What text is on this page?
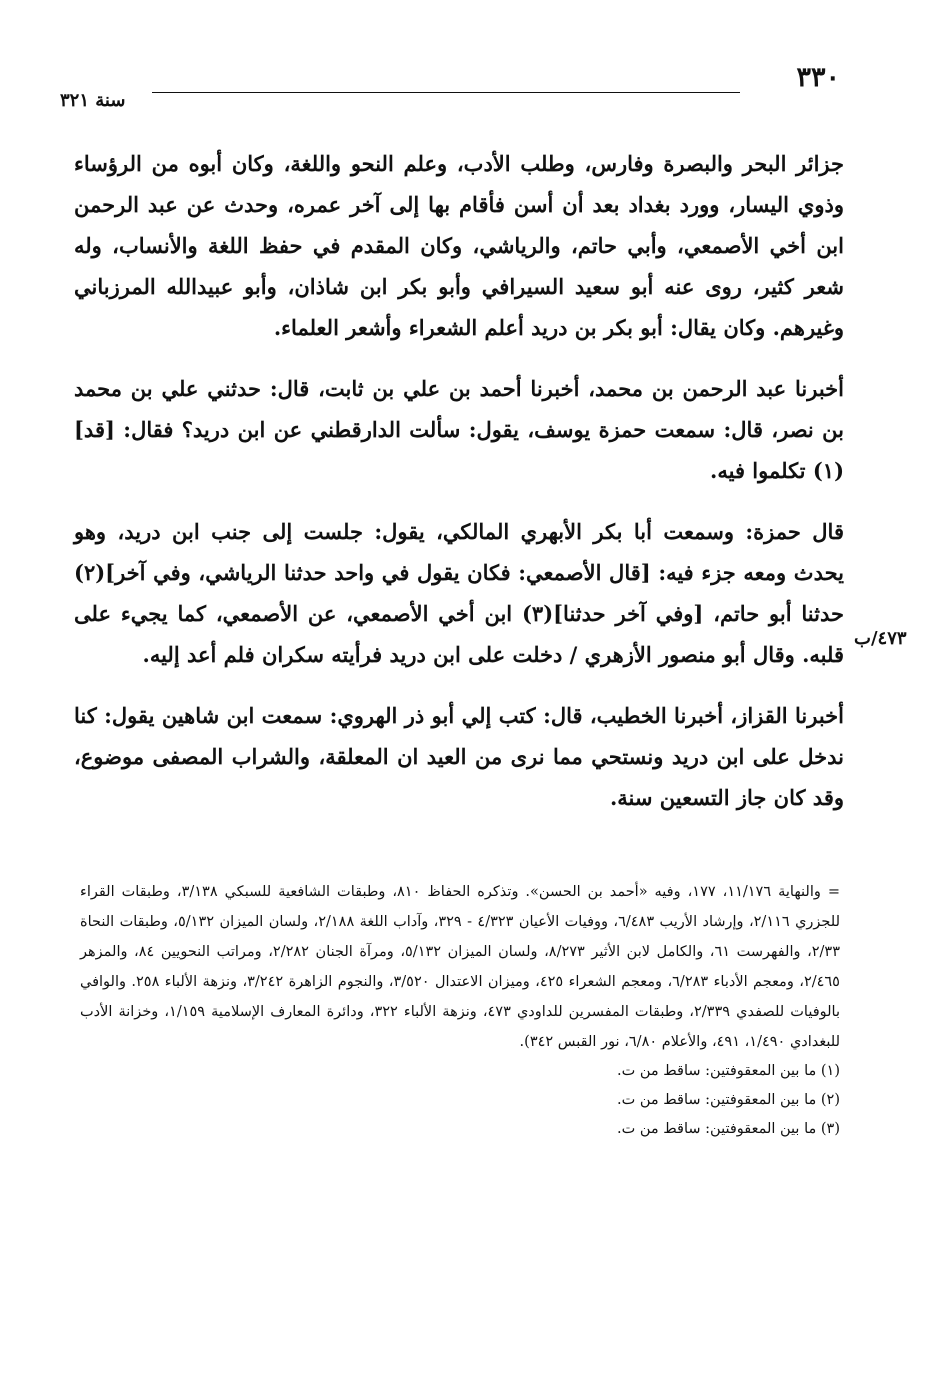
٣٣٠
سنة ٣٢١

جزائر البحر والبصرة وفارس، وطلب الأدب، وعلم النحو واللغة، وكان أبوه من الرؤساء وذوي اليسار، وورد بغداد بعد أن أسن فأقام بها إلى آخر عمره، وحدث عن عبد الرحمن ابن أخي الأصمعي، وأبي حاتم، والرياشي، وكان المقدم في حفظ اللغة والأنساب، وله شعر كثير، روى عنه أبو سعيد السيرافي وأبو بكر ابن شاذان، وأبو عبيدالله المرزباني وغيرهم. وكان يقال: أبو بكر بن دريد أعلم الشعراء وأشعر العلماء.

أخبرنا عبد الرحمن بن محمد، أخبرنا أحمد بن علي بن ثابت، قال: حدثني علي بن محمد بن نصر، قال: سمعت حمزة يوسف، يقول: سألت الدارقطني عن ابن دريد؟ فقال: [قد](١) تكلموا فيه.

قال حمزة: وسمعت أبا بكر الأبهري المالكي، يقول: جلست إلى جنب ابن دريد، وهو يحدث ومعه جزء فيه: [قال الأصمعي: فكان يقول في واحد حدثنا الرياشي، وفي آخر](٢) حدثنا أبو حاتم، [وفي آخر حدثنا](٣) ابن أخي الأصمعي، عن الأصمعي، كما يجيء على قلبه. وقال أبو منصور الأزهري / دخلت على ابن دريد فرأيته سكران فلم أعد إليه.

أخبرنا القزاز، أخبرنا الخطيب، قال: كتب إلي أبو ذر الهروي: سمعت ابن شاهين يقول: كنا ندخل على ابن دريد ونستحي مما نرى من العيد ان المعلقة، والشراب المصفى موضوع، وقد كان جاز التسعين سنة.

٤٧٣/ب

= والنهاية ١١/١٧٦، ١٧٧، وفيه «أحمد بن الحسن». وتذكره الحفاظ ٨١٠، وطبقات الشافعية للسبكي ٣/١٣٨، وطبقات القراء للجزري ٢/١١٦، وإرشاد الأريب ٦/٤٨٣، ووفيات الأعيان ٤/٣٢٣ - ٣٢٩، وآداب اللغة ٢/١٨٨، ولسان الميزان ٥/١٣٢، وطبقات النحاة ٢/٣٣، والفهرست ٦١، والكامل لابن الأثير ٨/٢٧٣، ولسان الميزان ٥/١٣٢، ومرآة الجنان ٢/٢٨٢، ومراتب النحويين ٨٤، والمزهر ٢/٤٦٥، ومعجم الأدباء ٦/٢٨٣، ومعجم الشعراء ٤٢٥، وميزان الاعتدال ٣/٥٢٠، والنجوم الزاهرة ٣/٢٤٢، ونزهة الألباء ٢٥٨. والوافي بالوفيات للصفدي ٢/٣٣٩، وطبقات المفسرين للداودي ٤٧٣، ونزهة الألباء ٣٢٢، ودائرة المعارف الإسلامية ١/١٥٩، وخزانة الأدب للبغدادي ١/٤٩٠، ٤٩١، والأعلام ٦/٨٠، نور القبس ٣٤٢).

(١) ما بين المعقوفتين: ساقط من ت.

(٢) ما بين المعقوفتين: ساقط من ت.

(٣) ما بين المعقوفتين: ساقط من ت.
